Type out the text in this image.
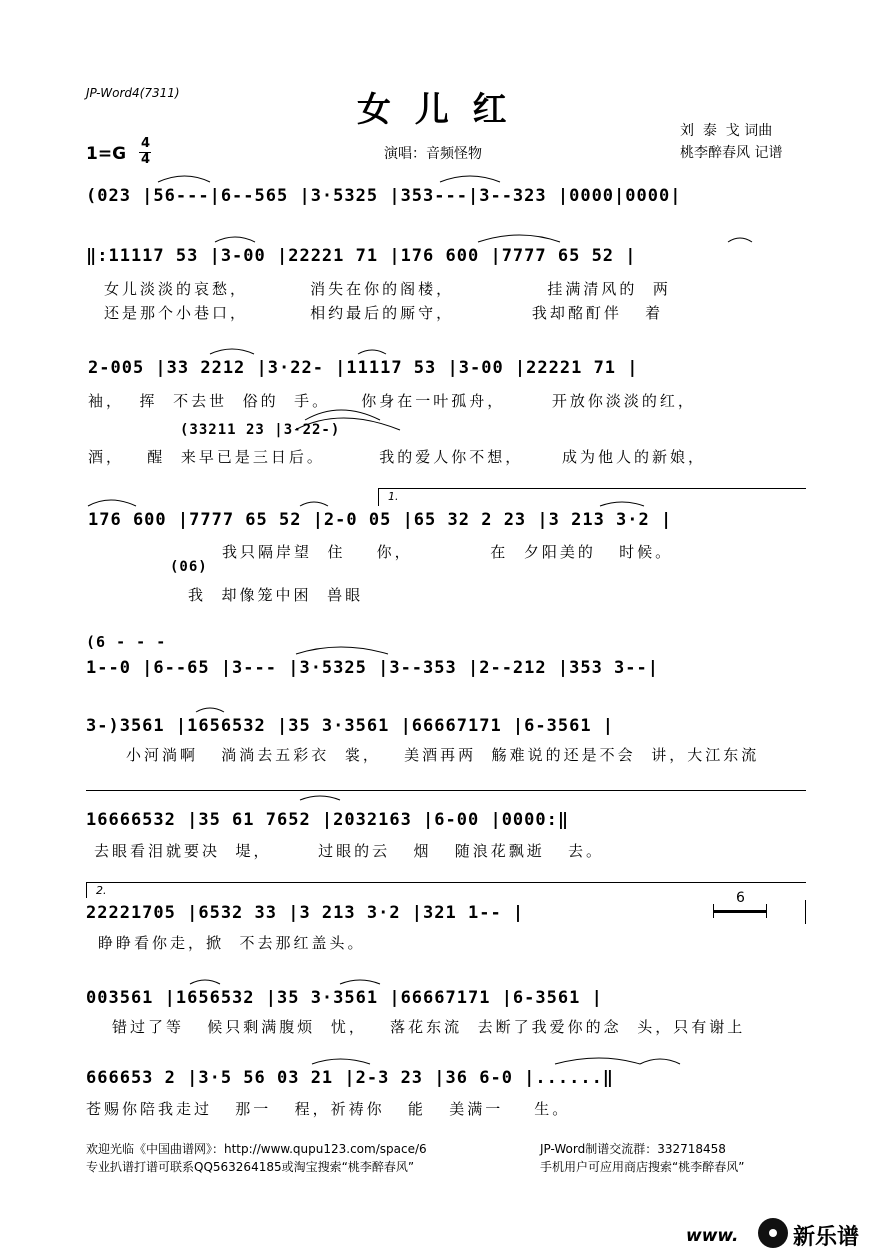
JP-Word4(7311)	女 儿 红
刘  泰  戈 词曲
桃李醉春风 记谱
1=G
4
4	演唱：音频怪物
(023 |56---|6--565 |3·5325 |353---|3--323 |0000|0000|
‖:11117 53 |3-00 |22221 71 |176 600 |7777 65 52 |
女儿淡淡的哀愁，        消失在你的阁楼，            挂满清风的  两
还是那个小巷口，        相约最后的厮守，          我却酩酊伴   着
2-005 |33 2212 |3·22- |11117 53 |3-00 |22221 71 |
袖，  挥  不去世  俗的  手。    你身在一叶孤舟，      开放你淡淡的红，
(33211 23 |3·22-)
酒，   醒  来早已是三日后。       我的爱人你不想，     成为他人的新娘，
1.
176 600 |7777 65 52 |2-0 05 |65 32 2 23 |3 213 3·2 |
我只隔岸望  住    你，          在  夕阳美的   时候。
(06)
我  却像笼中困  兽眼
(6 - - -
1--0 |6--65 |3--- |3·5325 |3--353 |2--212 |353 3--|
3-)3561 |1656532 |35 3·3561 |66667171 |6-3561 |
小河淌啊   淌淌去五彩衣  裳，   美酒再两  觞难说的还是不会  讲，大江东流
16666532 |35 61 7652 |2032163 |6-00 |0000:‖
去眼看泪就要决  堤，      过眼的云   烟   随浪花飘逝   去。
2.
22221705 |6532 33 |3 213 3·2 |321 1-- |
6
睁睁看你走，掀  不去那红盖头。
003561 |1656532 |35 3·3561 |66667171 |6-3561 |
错过了等   候只剩满腹烦  忧，   落花东流  去断了我爱你的念  头，只有谢上
666653 2 |3·5 56 03 21 |2-3 23 |36 6-0 |......‖
苍赐你陪我走过   那一   程，祈祷你   能   美满一    生。
欢迎光临《中国曲谱网》：http://www.qupu123.com/space/6
专业扒谱打谱可联系QQ563264185或淘宝搜索“桃李醉春风”
JP-Word制谱交流群：332718458
手机用户可应用商店搜索“桃李醉春风”
www.

新乐谱
